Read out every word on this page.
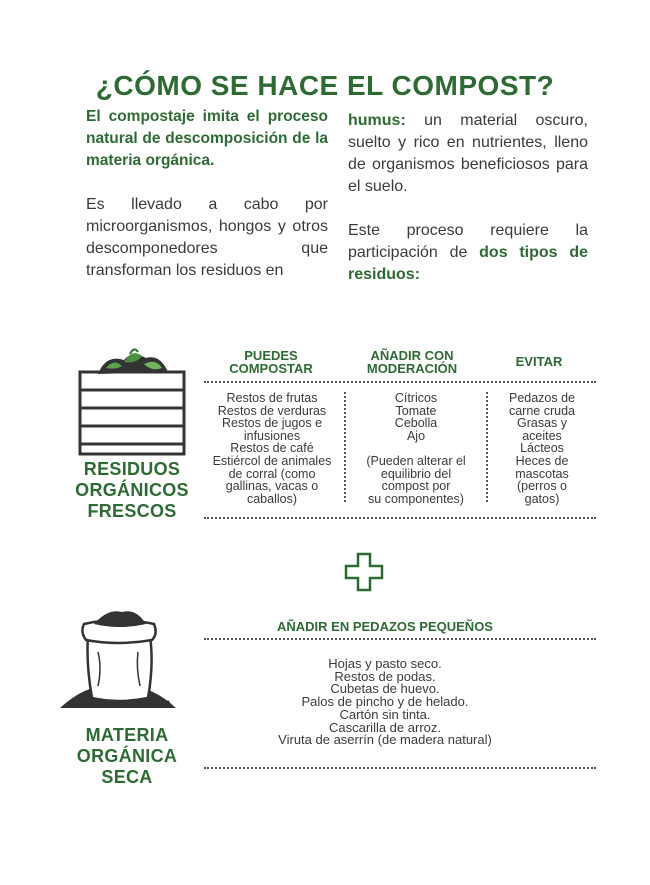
¿CÓMO SE HACE EL COMPOST?

El compostaje imita el proceso natural de descomposición de la materia orgánica.

Es llevado a cabo por microorganismos, hongos y otros descomponedores que transforman los residuos en

humus: un material oscuro, suelto y rico en nutrientes, lleno de organismos beneficiosos para el suelo.

Este proceso requiere la participación de dos tipos de residuos:

RESIDUOS
ORGÁNICOS
FRESCOS
PUEDES
COMPOSTAR
AÑADIR CON
MODERACIÓN	EVITAR
Restos de frutas
Restos de verduras
Restos de jugos e
infusiones
Restos de café
Estiércol de animales
de corral (como
gallinas, vacas o
caballos)
Cítricos
Tomate
Cebolla
Ajo

(Pueden alterar el
equilibrio del
compost por
su componentes)
Pedazos de
carne cruda
Grasas y
aceites
Lácteos
Heces de
mascotas
(perros o
gatos)
MATERIA
ORGÁNICA
SECA
AÑADIR EN PEDAZOS PEQUEÑOS
Hojas y pasto seco.
Restos de podas.
Cubetas de huevo.
Palos de pincho y de helado.
Cartón sin tinta.
Cascarilla de arroz.
Viruta de aserrín (de madera natural)
